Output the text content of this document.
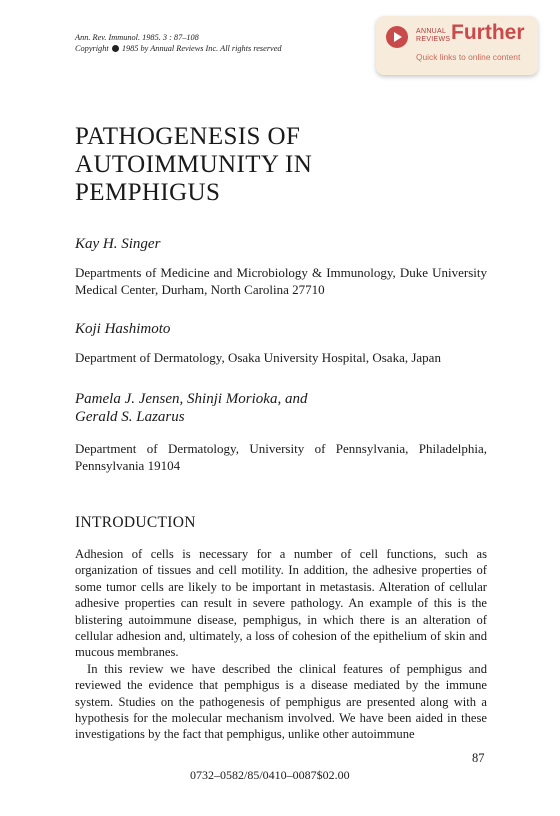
Ann. Rev. Immunol. 1985. 3 : 87–108
Copyright 1985 by Annual Reviews Inc. All rights reserved
ANNUAL
REVIEWS Further
Quick links to online content
PATHOGENESIS OF
AUTOIMMUNITY IN
PEMPHIGUS
Kay H. Singer
Departments of Medicine and Microbiology & Immunology, Duke University Medical Center, Durham, North Carolina 27710
Koji Hashimoto
Department of Dermatology, Osaka University Hospital, Osaka, Japan
Pamela J. Jensen, Shinji Morioka, and
Gerald S. Lazarus
Department of Dermatology, University of Pennsylvania, Philadelphia, Pennsylvania 19104
INTRODUCTION

Adhesion of cells is necessary for a number of cell functions, such as organization of tissues and cell motility. In addition, the adhesive properties of some tumor cells are likely to be important in metastasis. Alteration of cellular adhesive properties can result in severe pathology. An example of this is the blistering autoimmune disease, pemphigus, in which there is an alteration of cellular adhesion and, ultimately, a loss of cohesion of the epithelium of skin and mucous membranes.

In this review we have described the clinical features of pemphigus and reviewed the evidence that pemphigus is a disease mediated by the immune system. Studies on the pathogenesis of pemphigus are presented along with a hypothesis for the molecular mechanism involved. We have been aided in these investigations by the fact that pemphigus, unlike other autoimmune

87
0732–0582/85/0410–0087$02.00
